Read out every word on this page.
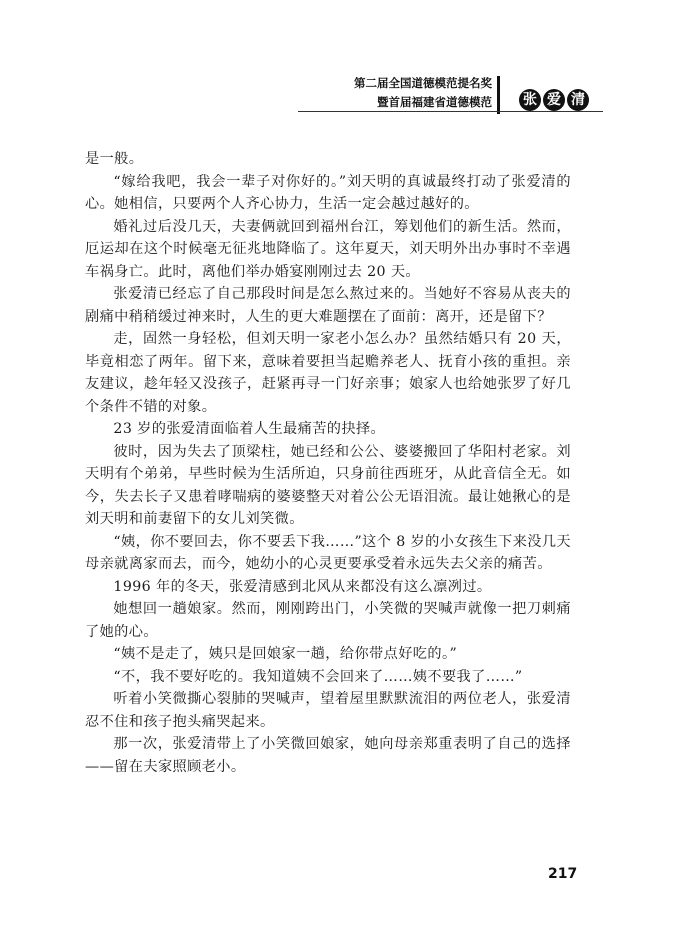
第二届全国道德模范提名奖
暨首届福建省道德模范 张 爱 清

是一般。

“嫁给我吧，我会一辈子对你好的。”刘天明的真诚最终打动了张爱清的心。她相信，只要两个人齐心协力，生活一定会越过越好的。

婚礼过后没几天，夫妻俩就回到福州台江，筹划他们的新生活。然而，厄运却在这个时候毫无征兆地降临了。这年夏天，刘天明外出办事时不幸遇车祸身亡。此时，离他们举办婚宴刚刚过去 20 天。

张爱清已经忘了自己那段时间是怎么熬过来的。当她好不容易从丧夫的剧痛中稍稍缓过神来时，人生的更大难题摆在了面前：离开，还是留下？

走，固然一身轻松，但刘天明一家老小怎么办？虽然结婚只有 20 天，毕竟相恋了两年。留下来，意味着要担当起赡养老人、抚育小孩的重担。亲友建议，趁年轻又没孩子，赶紧再寻一门好亲事；娘家人也给她张罗了好几个条件不错的对象。

23 岁的张爱清面临着人生最痛苦的抉择。

彼时，因为失去了顶梁柱，她已经和公公、婆婆搬回了华阳村老家。刘天明有个弟弟，早些时候为生活所迫，只身前往西班牙，从此音信全无。如今，失去长子又患着哮喘病的婆婆整天对着公公无语泪流。最让她揪心的是刘天明和前妻留下的女儿刘笑微。

“姨，你不要回去，你不要丢下我……”这个 8 岁的小女孩生下来没几天母亲就离家而去，而今，她幼小的心灵更要承受着永远失去父亲的痛苦。

1996 年的冬天，张爱清感到北风从来都没有这么凛冽过。

她想回一趟娘家。然而，刚刚跨出门，小笑微的哭喊声就像一把刀刺痛了她的心。

“姨不是走了，姨只是回娘家一趟，给你带点好吃的。”

“不，我不要好吃的。我知道姨不会回来了……姨不要我了……”

听着小笑微撕心裂肺的哭喊声，望着屋里默默流泪的两位老人，张爱清忍不住和孩子抱头痛哭起来。

那一次，张爱清带上了小笑微回娘家，她向母亲郑重表明了自己的选择——留在夫家照顾老小。

217
